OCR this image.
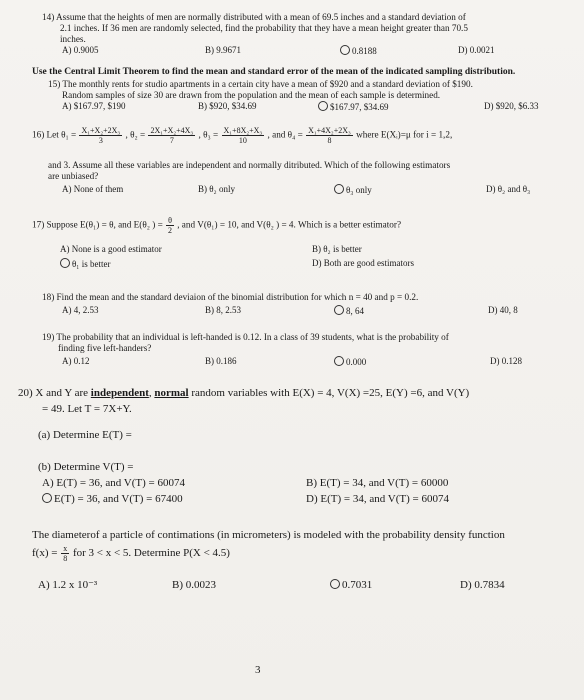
14) Assume that the heights of men are normally distributed with a mean of 69.5 inches and a standard deviation of
2.1 inches. If 36 men are randomly selected, find the probability that they have a mean height greater than 70.5
inches.
A) 0.9005	B) 9.9671	0.8188	D) 0.0021
Use the Central Limit Theorem to find the mean and standard error of the mean of the indicated sampling distribution.
15) The monthly rents for studio apartments in a certain city have a mean of $920 and a standard deviation of $190.
Random samples of size 30 are drawn from the population and the mean of each sample is determined.
A) $167.97, $190	B) $920, $34.69	$167.97, $34.69	D) $920, $6.33
16) Let $\theta_1 = \frac{\text{X₁+X₂+2X₃}}{3}$ , $\theta_2 = \frac{\text{2X₁+X₂+4X₃}}{7}$ , $\theta_3 = \frac{\text{X₁+8X₂+X₃}}{10}$ , and $\theta_4 = \frac{\text{X₁+4X₂+2X₃}}{8}$ where E(Xᵢ)=μ for i = 1,2,
and 3. Assume all these variables are independent and normally ditributed. Which of the following estimators
are unbiased?
A) None of them	B) θ₂ only	θ₃ only	D) θ₂ and θ₃
17) Suppose E(θ₁) = θ, and E(θ₂ ) = $\frac{\theta}{2}$ , and V(θ₁) = 10, and V(θ₂ ) = 4. Which is a better estimator?
A) None is a good estimator	B) θ₂ is better
θ₁ is better	D) Both are good estimators
18) Find the mean and the standard deviaion of the binomial distribution for which n = 40 and p = 0.2.
A) 4, 2.53	B) 8, 2.53	8, 64	D) 40, 8
19) The probability that an individual is left-handed is 0.12. In a class of 39 students, what is the probability of
finding five left-handers?
A) 0.12	B) 0.186	0.000	D) 0.128
20) X and Y are independent, normal random variables with E(X) = 4, V(X) =25, E(Y) =6, and V(Y)
= 49. Let T = 7X+Y.
(a) Determine E(T) =
(b) Determine V(T) =
A) E(T) = 36, and V(T) = 60074	B) E(T) = 34, and V(T) = 60000
E(T) = 36, and V(T) = 67400	D) E(T) = 34, and V(T) = 60074
The diameterof a particle of contimations (in micrometers) is modeled with the probability density function
$f(x) = \frac{x}{8}$ for 3 < x < 5. Determine P(X < 4.5)
A) 1.2 x 10⁻³	B) 0.0023	0.7031	D) 0.7834
3
